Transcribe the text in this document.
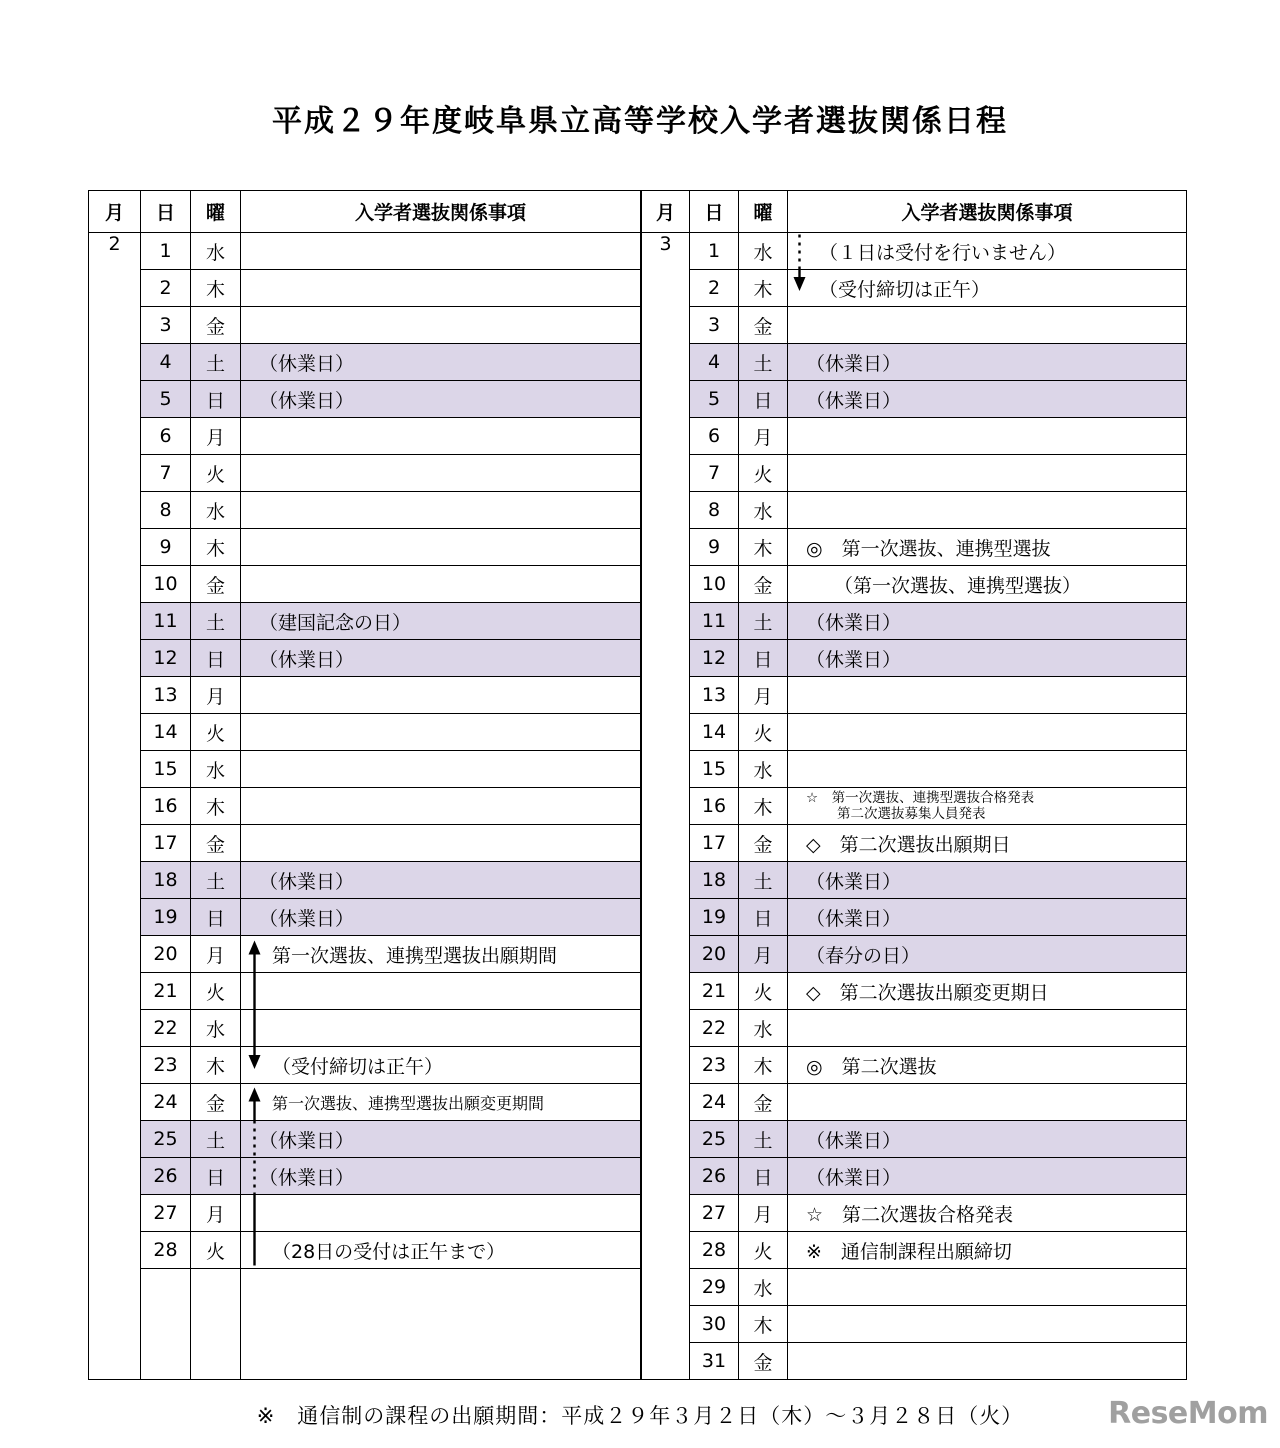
平成２９年度岐阜県立高等学校入学者選抜関係日程
月	日	曜	入学者選抜関係事項
2	1	水	

	2	木	

	3	金	

	4	土	（休業日）

	5	日	（休業日）

	6	月	

	7	火	

	8	水	

	9	木	

	10	金	

	11	土	（建国記念の日）

	12	日	（休業日）

	13	月	

	14	火	

	15	水	

	16	木	

	17	金	

	18	土	（休業日）

	19	日	（休業日）

	20	月	第一次選抜、連携型選抜出願期間

	21	火	

	22	水	

	23	木	（受付締切は正午）

	24	金	第一次選抜、連携型選抜出願変更期間

	25	土	（休業日）

	26	日	（休業日）

	27	月	

	28	火	（28日の受付は正午まで）

月	日	曜	入学者選抜関係事項
3	1	水	（１日は受付を行いません）

	2	木	（受付締切は正午）

	3	金	

	4	土	（休業日）

	5	日	（休業日）

	6	月	

	7	火	

	8	水	

	9	木	◎　第一次選抜、連携型選抜

	10	金	（第一次選抜、連携型選抜）

	11	土	（休業日）

	12	日	（休業日）

	13	月	

	14	火	

	15	水	

	16	木	☆　第一次選抜、連携型選抜合格発表
第二次選抜募集人員発表

	17	金	◇　第二次選抜出願期日

	18	土	（休業日）

	19	日	（休業日）

	20	月	（春分の日）

	21	火	◇　第二次選抜出願変更期日

	22	水	

	23	木	◎　第二次選抜

	24	金	

	25	土	（休業日）

	26	日	（休業日）

	27	月	☆　第二次選抜合格発表

	28	火	※　通信制課程出願締切

	29	水	

	30	木	

	31	金	
※　通信制の課程の出願期間：平成２９年３月２日（木）～３月２８日（火）	ReseMom
